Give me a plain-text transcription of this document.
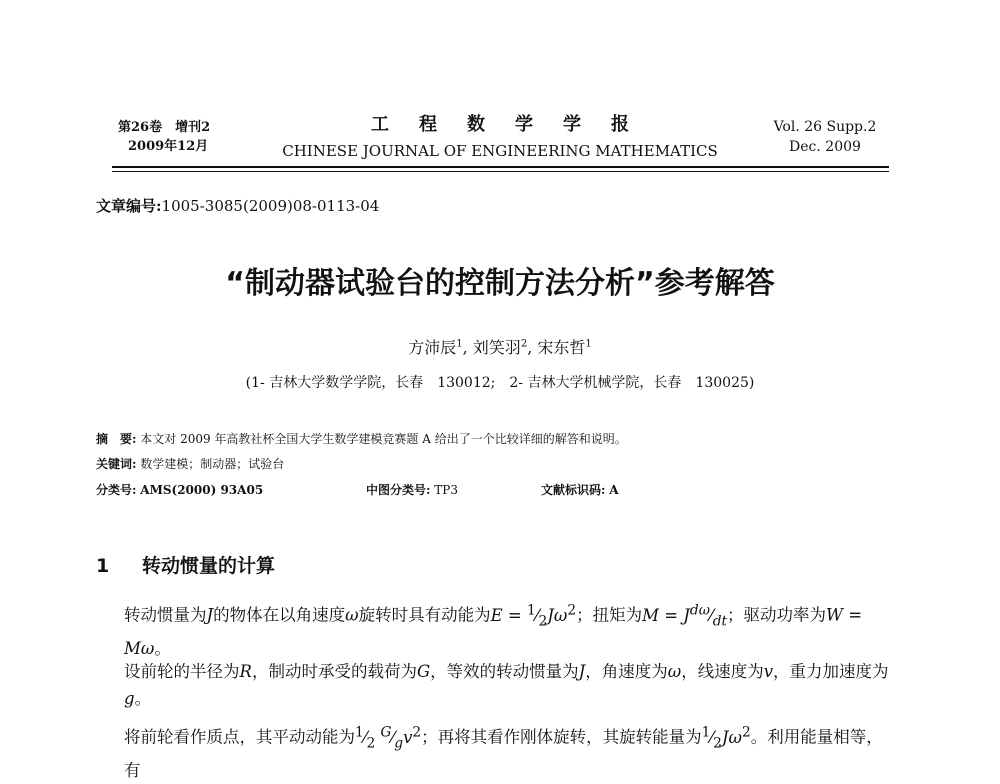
第26卷　增刊2
2009年12月
工程数学学报
CHINESE JOURNAL OF ENGINEERING MATHEMATICS
Vol. 26 Supp.2
Dec. 2009
文章编号:1005-3085(2009)08-0113-04
“制动器试验台的控制方法分析”参考解答
方沛辰$^1$, 刘笑羽$^2$, 宋东哲$^1$
(1- 吉林大学数学学院，长春　130012;　2- 吉林大学机械学院，长春　130025)
摘　要: 本文对 2009 年高教社杯全国大学生数学建模竞赛题 A 给出了一个比较详细的解答和说明。
关键词: 数学建模；制动器；试验台
分类号: AMS(2000) 93A05	中图分类号: TP3	文献标识码: A
1 转动惯量的计算
转动惯量为J的物体在以角速度ω旋转时具有动能为$E = ^1⁄_2J\omega^2$；扭矩为$M = J^{d\omega}⁄_{dt}$；驱动功率为W = Mω。
设前轮的半径为R，制动时承受的载荷为G，等效的转动惯量为J，角速度为ω，线速度为v，重力加速度为g。
将前轮看作质点，其平动动能为$^1⁄_2$ $^G⁄_gv^2$；再将其看作刚体旋转，其旋转能量为$^1⁄_2J\omega^2$。利用能量相等，有
